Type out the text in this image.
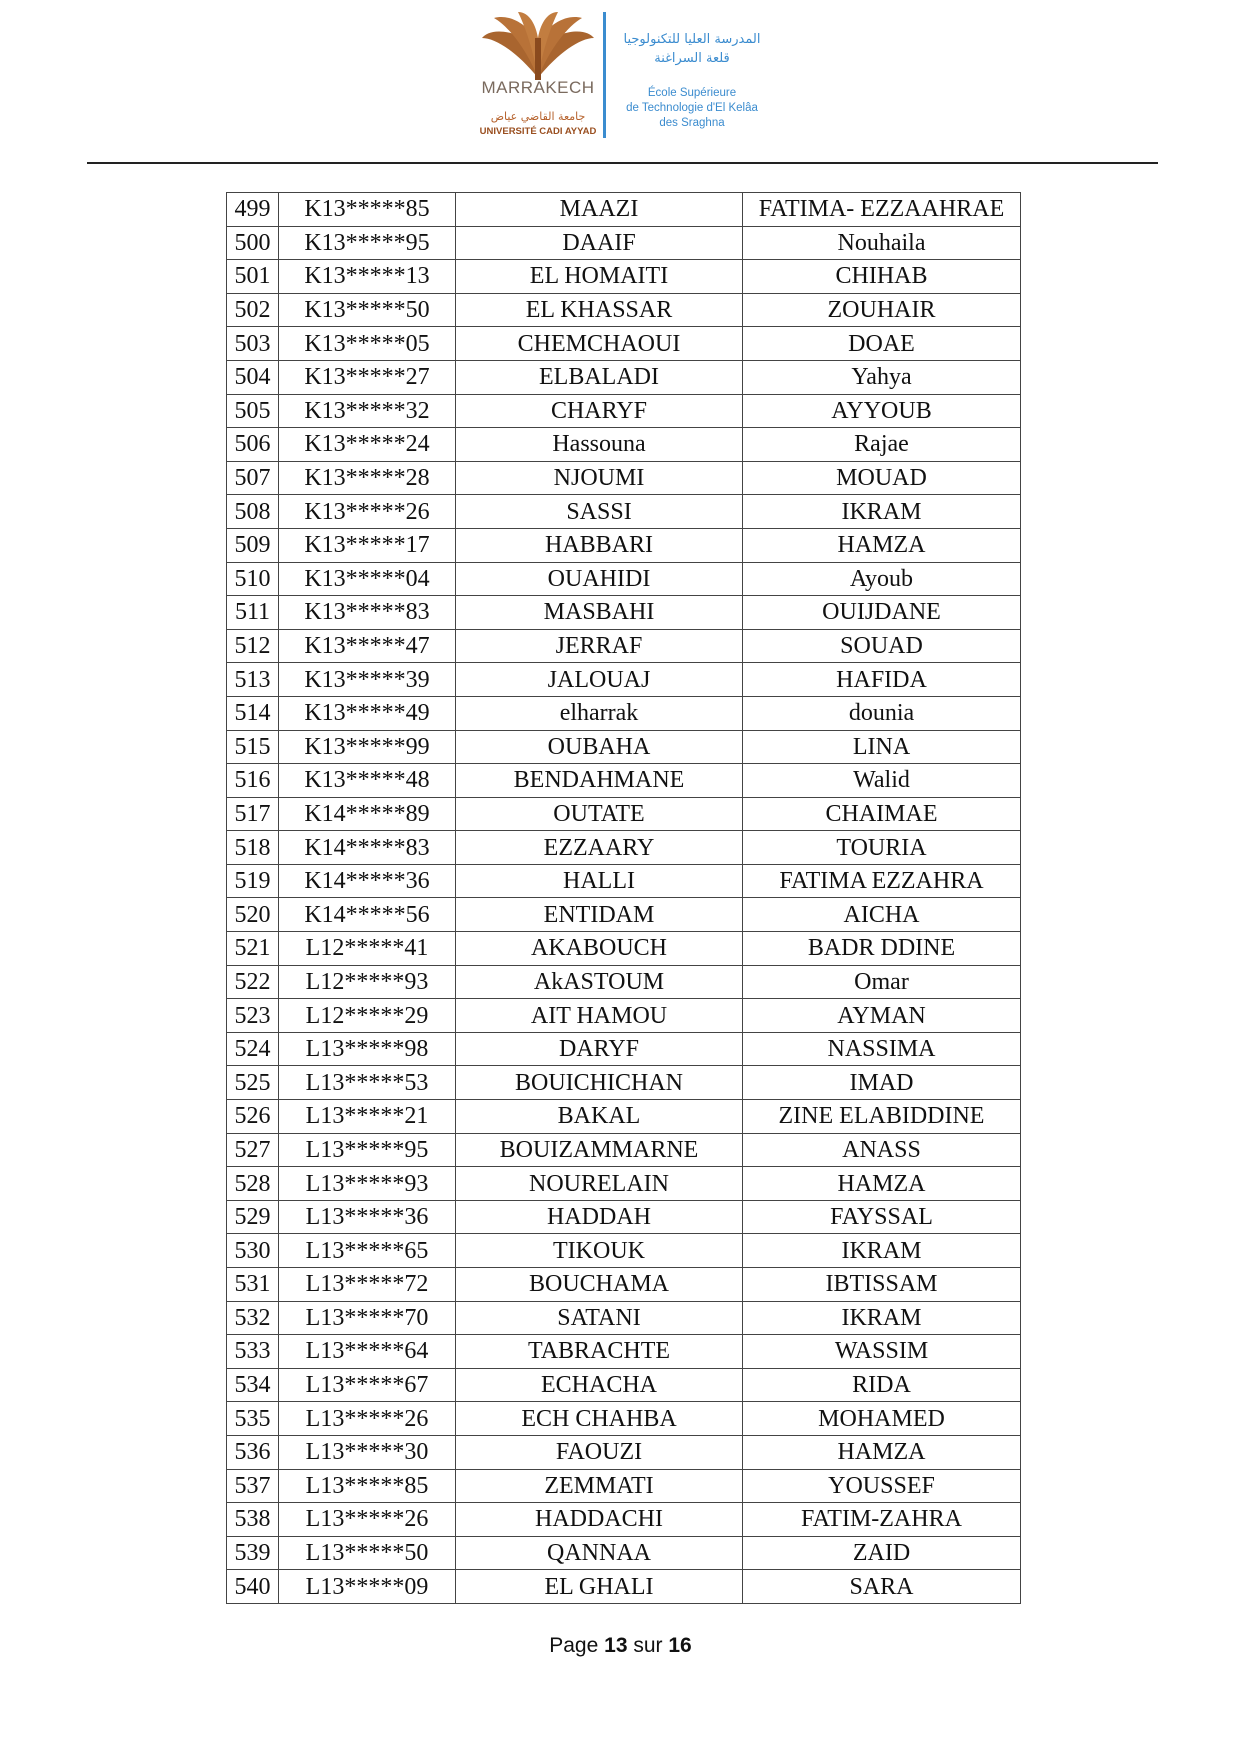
MARRAKECH
جامعة القاضي عياض
UNIVERSITÉ CADI AYYAD
المدرسة العليا للتكنولوجيا
قلعة السراغنة
École Supérieure
de Technologie d'El Kelâa
des Sraghna
499	K13*****85	MAAZI	FATIMA- EZZAAHRAE
500	K13*****95	DAAIF	Nouhaila
501	K13*****13	EL HOMAITI	CHIHAB
502	K13*****50	EL KHASSAR	ZOUHAIR
503	K13*****05	CHEMCHAOUI	DOAE
504	K13*****27	ELBALADI	Yahya
505	K13*****32	CHARYF	AYYOUB
506	K13*****24	Hassouna	Rajae
507	K13*****28	NJOUMI	MOUAD
508	K13*****26	SASSI	IKRAM
509	K13*****17	HABBARI	HAMZA
510	K13*****04	OUAHIDI	Ayoub
511	K13*****83	MASBAHI	OUIJDANE
512	K13*****47	JERRAF	SOUAD
513	K13*****39	JALOUAJ	HAFIDA
514	K13*****49	elharrak	dounia
515	K13*****99	OUBAHA	LINA
516	K13*****48	BENDAHMANE	Walid
517	K14*****89	OUTATE	CHAIMAE
518	K14*****83	EZZAARY	TOURIA
519	K14*****36	HALLI	FATIMA EZZAHRA
520	K14*****56	ENTIDAM	AICHA
521	L12*****41	AKABOUCH	BADR DDINE
522	L12*****93	AkASTOUM	Omar
523	L12*****29	AIT HAMOU	AYMAN
524	L13*****98	DARYF	NASSIMA
525	L13*****53	BOUICHICHAN	IMAD
526	L13*****21	BAKAL	ZINE ELABIDDINE
527	L13*****95	BOUIZAMMARNE	ANASS
528	L13*****93	NOURELAIN	HAMZA
529	L13*****36	HADDAH	FAYSSAL
530	L13*****65	TIKOUK	IKRAM
531	L13*****72	BOUCHAMA	IBTISSAM
532	L13*****70	SATANI	IKRAM
533	L13*****64	TABRACHTE	WASSIM
534	L13*****67	ECHACHA	RIDA
535	L13*****26	ECH CHAHBA	MOHAMED
536	L13*****30	FAOUZI	HAMZA
537	L13*****85	ZEMMATI	YOUSSEF
538	L13*****26	HADDACHI	FATIM-ZAHRA
539	L13*****50	QANNAA	ZAID
540	L13*****09	EL GHALI	SARA
Page 13 sur 16
